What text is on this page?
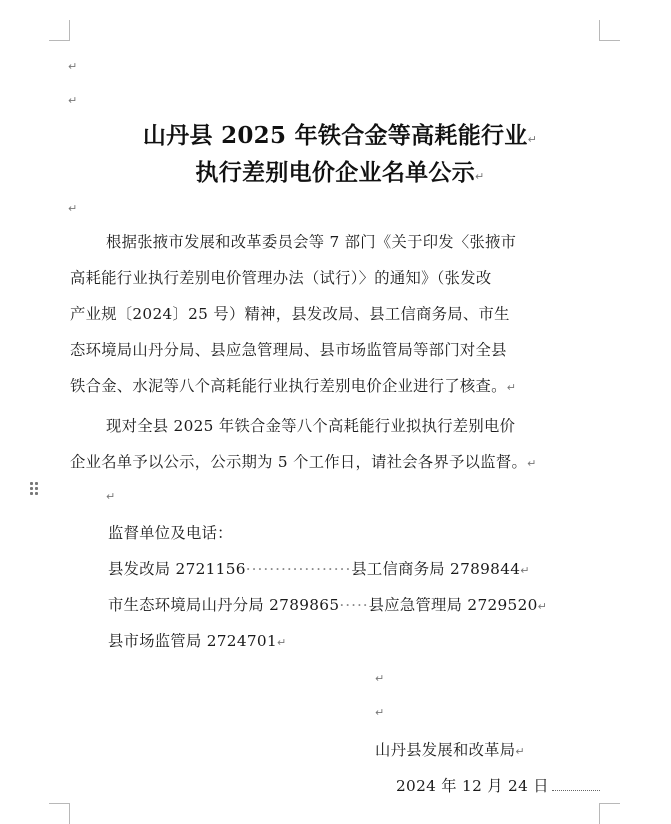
↵
↵
山丹县 2025 年铁合金等高耗能行业↵
执行差别电价企业名单公示↵
↵
根据张掖市发展和改革委员会等 7 部门《关于印发〈张掖市
高耗能行业执行差别电价管理办法（试行）〉的通知》（张发改
产业规〔2024〕25 号）精神，县发改局、县工信商务局、市生
态环境局山丹分局、县应急管理局、县市场监管局等部门对全县
铁合金、水泥等八个高耗能行业执行差别电价企业进行了核查。↵
现对全县 2025 年铁合金等八个高耗能行业拟执行差别电价
企业名单予以公示，公示期为 5 个工作日，请社会各界予以监督。↵
↵
监督单位及电话：
县发改局 2721156··················县工信商务局 2789844↵
市生态环境局山丹分局 2789865·····县应急管理局 2729520↵
县市场监管局 2724701↵
↵
↵
山丹县发展和改革局↵
2024 年 12 月 24 日
